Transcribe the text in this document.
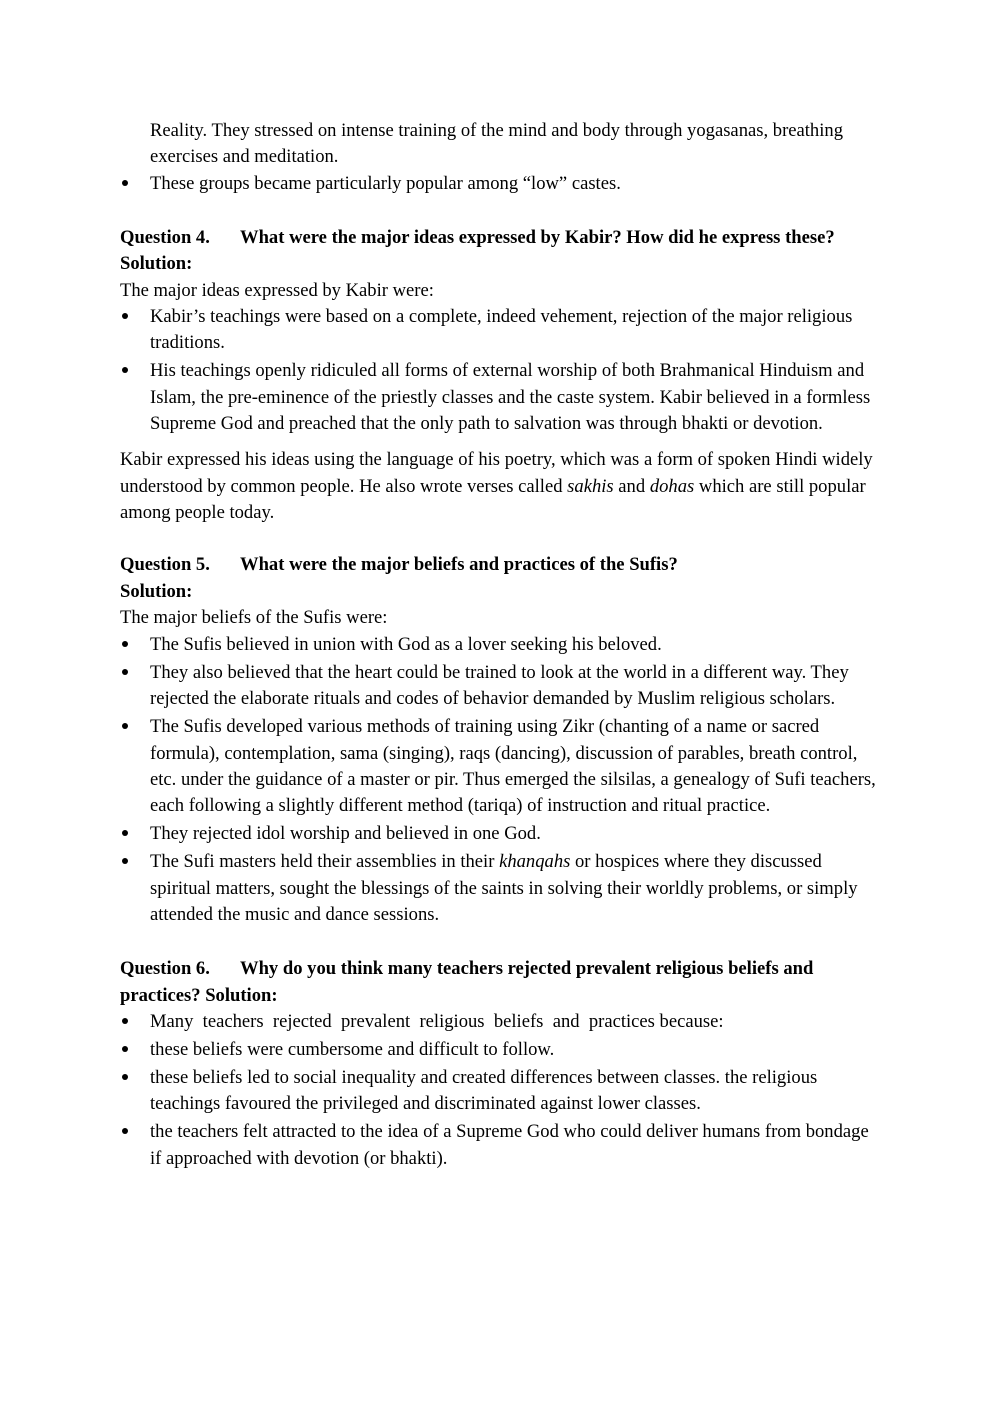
Reality. They stressed on intense training of the mind and body through yogasanas, breathing exercises and meditation.

These groups became particularly popular among “low” castes.

Question 4. What were the major ideas expressed by Kabir? How did he express these?

Solution:

The major ideas expressed by Kabir were:

Kabir’s teachings were based on a complete, indeed vehement, rejection of the major religious traditions.
His teachings openly ridiculed all forms of external worship of both Brahmanical Hinduism and Islam, the pre-eminence of the priestly classes and the caste system. Kabir believed in a formless Supreme God and preached that the only path to salvation was through bhakti or devotion.

Kabir expressed his ideas using the language of his poetry, which was a form of spoken Hindi widely understood by common people. He also wrote verses called sakhis and dohas which are still popular among people today.

Question 5. What were the major beliefs and practices of the Sufis?

Solution:

The major beliefs of the Sufis were:

The Sufis believed in union with God as a lover seeking his beloved.
They also believed that the heart could be trained to look at the world in a different way. They rejected the elaborate rituals and codes of behavior demanded by Muslim religious scholars.
The Sufis developed various methods of training using Zikr (chanting of a name or sacred formula), contemplation, sama (singing), raqs (dancing), discussion of parables, breath control, etc. under the guidance of a master or pir. Thus emerged the silsilas, a genealogy of Sufi teachers, each following a slightly different method (tariqa) of instruction and ritual practice.
They rejected idol worship and believed in one God.
The Sufi masters held their assemblies in their khanqahs or hospices where they discussed spiritual matters, sought the blessings of the saints in solving their worldly problems, or simply attended the music and dance sessions.

Question 6. Why do you think many teachers rejected prevalent religious beliefs and practices? Solution:

Many  teachers  rejected  prevalent  religious  beliefs  and  practices because:
these beliefs were cumbersome and difficult to follow.
these beliefs led to social inequality and created differences between classes. the religious teachings favoured the privileged and discriminated against lower classes.
the teachers felt attracted to the idea of a Supreme God who could deliver humans from bondage if approached with devotion (or bhakti).
